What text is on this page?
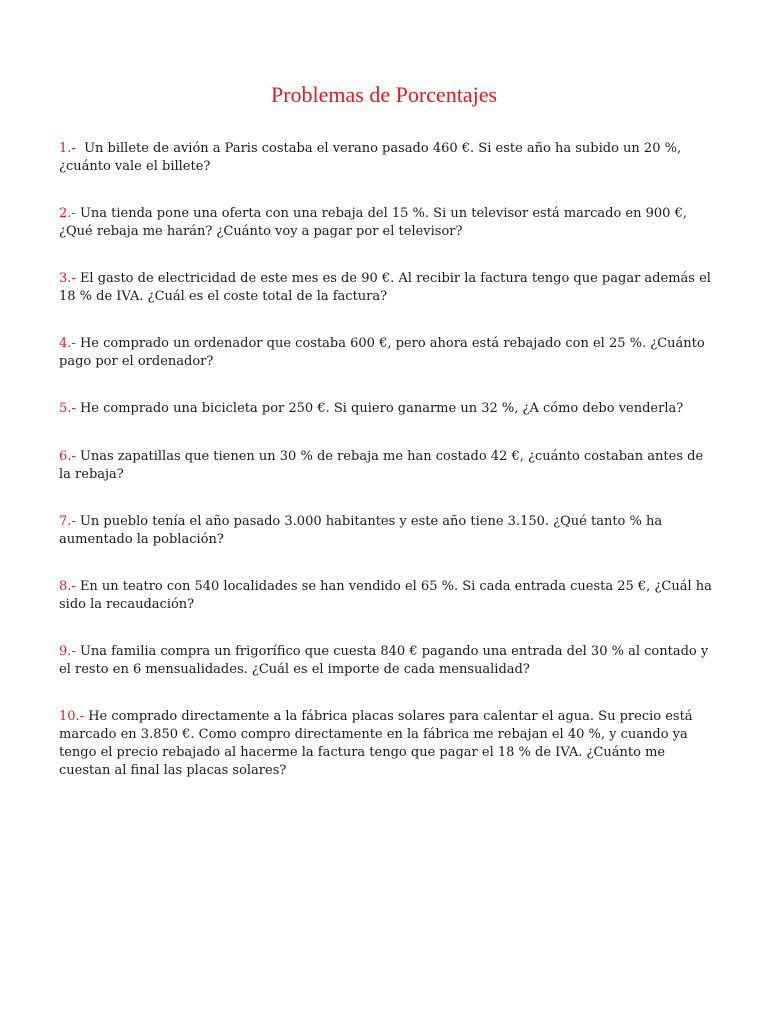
Problemas de Porcentajes

1.- Un billete de avión a Paris costaba el verano pasado 460 €. Si este año ha subido un 20 %, ¿cuánto vale el billete?

2.- Una tienda pone una oferta con una rebaja del 15 %. Si un televisor está marcado en 900 €, ¿Qué rebaja me harán? ¿Cuánto voy a pagar por el televisor?

3.- El gasto de electricidad de este mes es de 90 €. Al recibir la factura tengo que pagar además el 18 % de IVA. ¿Cuál es el coste total de la factura?

4.- He comprado un ordenador que costaba 600 €, pero ahora está rebajado con el 25 %. ¿Cuánto pago por el ordenador?

5.- He comprado una bicicleta por 250 €. Si quiero ganarme un 32 %, ¿A cómo debo venderla?

6.- Unas zapatillas que tienen un 30 % de rebaja me han costado 42 €, ¿cuánto costaban antes de la rebaja?

7.- Un pueblo tenía el año pasado 3.000 habitantes y este año tiene 3.150. ¿Qué tanto % ha aumentado la población?

8.- En un teatro con 540 localidades se han vendido el 65 %. Si cada entrada cuesta 25 €, ¿Cuál ha sido la recaudación?

9.- Una familia compra un frigorífico que cuesta 840 € pagando una entrada del 30 % al contado y el resto en 6 mensualidades. ¿Cuál es el importe de cada mensualidad?

10.- He comprado directamente a la fábrica placas solares para calentar el agua. Su precio está marcado en 3.850 €. Como compro directamente en la fábrica me rebajan el 40 %, y cuando ya tengo el precio rebajado al hacerme la factura tengo que pagar el 18 % de IVA. ¿Cuánto me cuestan al final las placas solares?
